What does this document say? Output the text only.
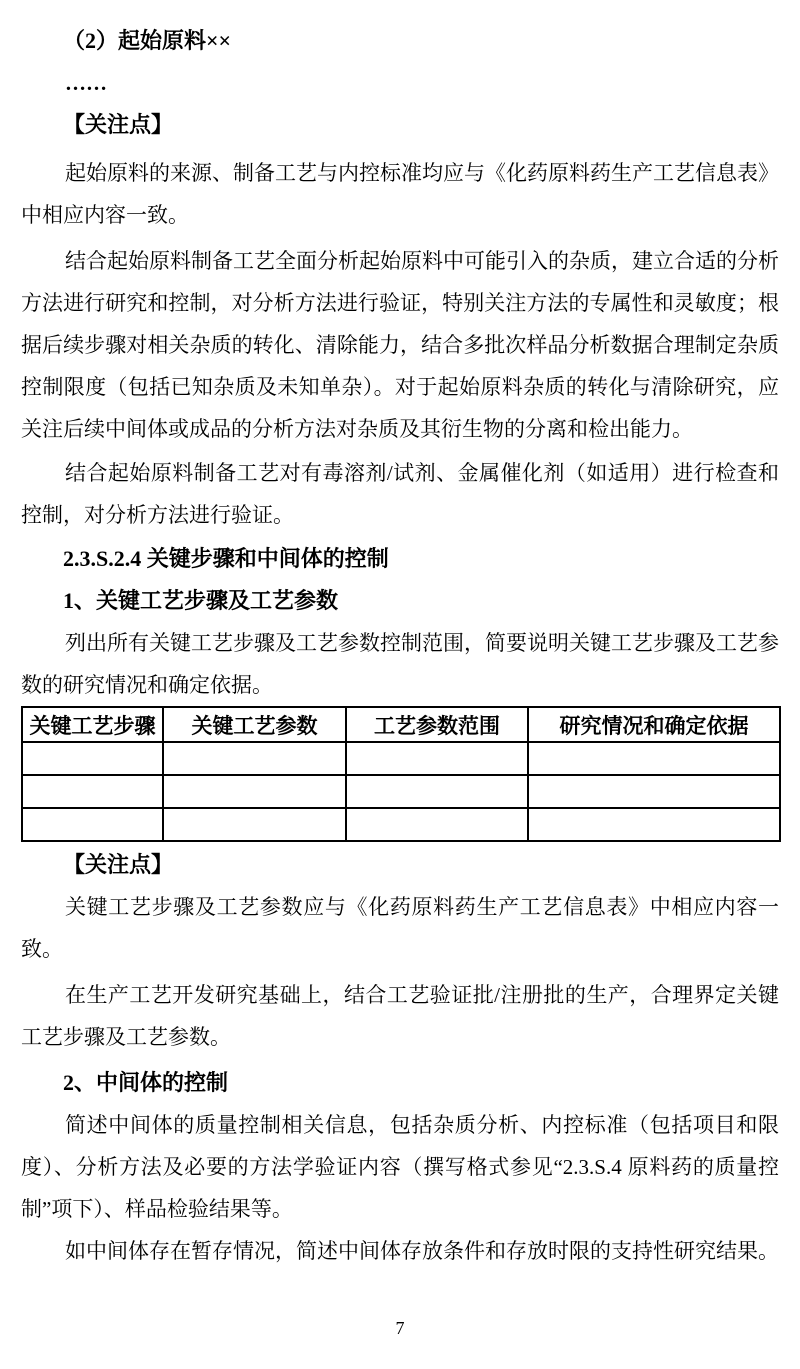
（2）起始原料××
……
【关注点】

起始原料的来源、制备工艺与内控标准均应与《化药原料药生产工艺信息表》中相应内容一致。

结合起始原料制备工艺全面分析起始原料中可能引入的杂质，建立合适的分析方法进行研究和控制，对分析方法进行验证，特别关注方法的专属性和灵敏度；根据后续步骤对相关杂质的转化、清除能力，结合多批次样品分析数据合理制定杂质控制限度（包括已知杂质及未知单杂）。对于起始原料杂质的转化与清除研究，应关注后续中间体或成品的分析方法对杂质及其衍生物的分离和检出能力。

结合起始原料制备工艺对有毒溶剂/试剂、金属催化剂（如适用）进行检查和控制，对分析方法进行验证。

2.3.S.2.4 关键步骤和中间体的控制
1、关键工艺步骤及工艺参数

列出所有关键工艺步骤及工艺参数控制范围，简要说明关键工艺步骤及工艺参数的研究情况和确定依据。

关键工艺步骤	关键工艺参数	工艺参数范围	研究情况和确定依据

【关注点】

关键工艺步骤及工艺参数应与《化药原料药生产工艺信息表》中相应内容一致。

在生产工艺开发研究基础上，结合工艺验证批/注册批的生产，合理界定关键工艺步骤及工艺参数。

2、中间体的控制

简述中间体的质量控制相关信息，包括杂质分析、内控标准（包括项目和限度）、分析方法及必要的方法学验证内容（撰写格式参见“2.3.S.4 原料药的质量控制”项下）、样品检验结果等。

如中间体存在暂存情况，简述中间体存放条件和存放时限的支持性研究结果。

7
